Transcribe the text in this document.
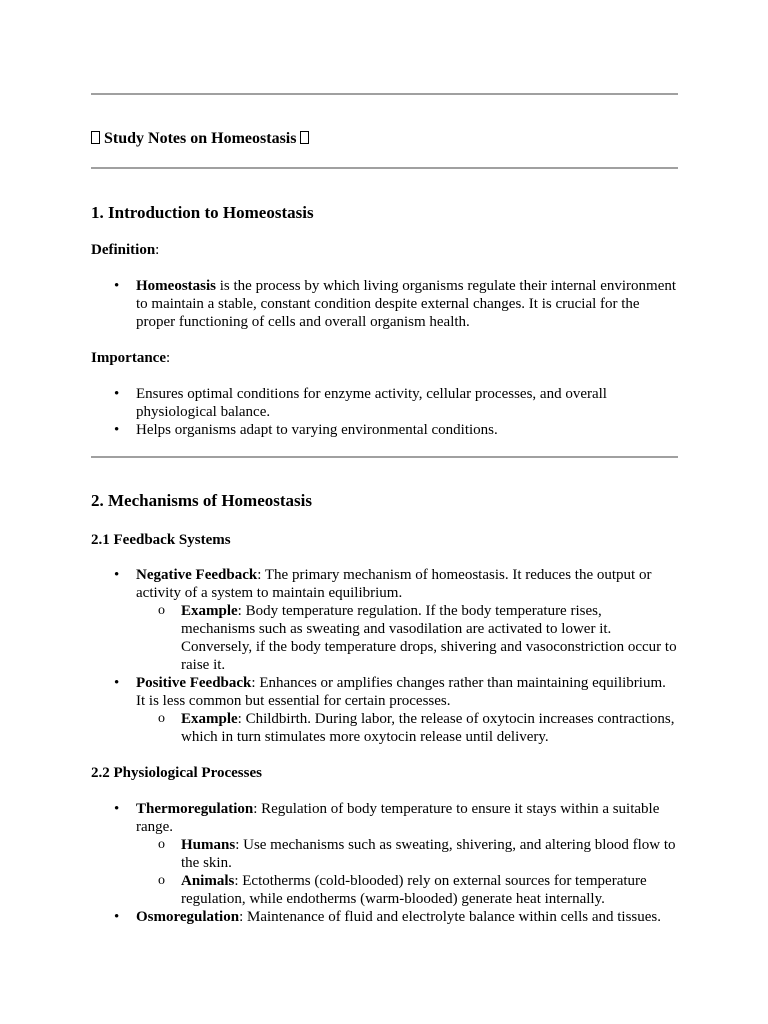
Study Notes on Homeostasis
1. Introduction to Homeostasis

Definition:

• Homeostasis is the process by which living organisms regulate their internal environment to maintain a stable, constant condition despite external changes. It is crucial for the proper functioning of cells and overall organism health.

Importance:

• Ensures optimal conditions for enzyme activity, cellular processes, and overall physiological balance.
• Helps organisms adapt to varying environmental conditions.
2. Mechanisms of Homeostasis
2.1 Feedback Systems
• Negative Feedback: The primary mechanism of homeostasis. It reduces the output or activity of a system to maintain equilibrium.
o Example: Body temperature regulation. If the body temperature rises, mechanisms such as sweating and vasodilation are activated to lower it. Conversely, if the body temperature drops, shivering and vasoconstriction occur to raise it.
• Positive Feedback: Enhances or amplifies changes rather than maintaining equilibrium. It is less common but essential for certain processes.
o Example: Childbirth. During labor, the release of oxytocin increases contractions, which in turn stimulates more oxytocin release until delivery.
2.2 Physiological Processes
• Thermoregulation: Regulation of body temperature to ensure it stays within a suitable range.
o Humans: Use mechanisms such as sweating, shivering, and altering blood flow to the skin.
o Animals: Ectotherms (cold-blooded) rely on external sources for temperature regulation, while endotherms (warm-blooded) generate heat internally.
• Osmoregulation: Maintenance of fluid and electrolyte balance within cells and tissues.
